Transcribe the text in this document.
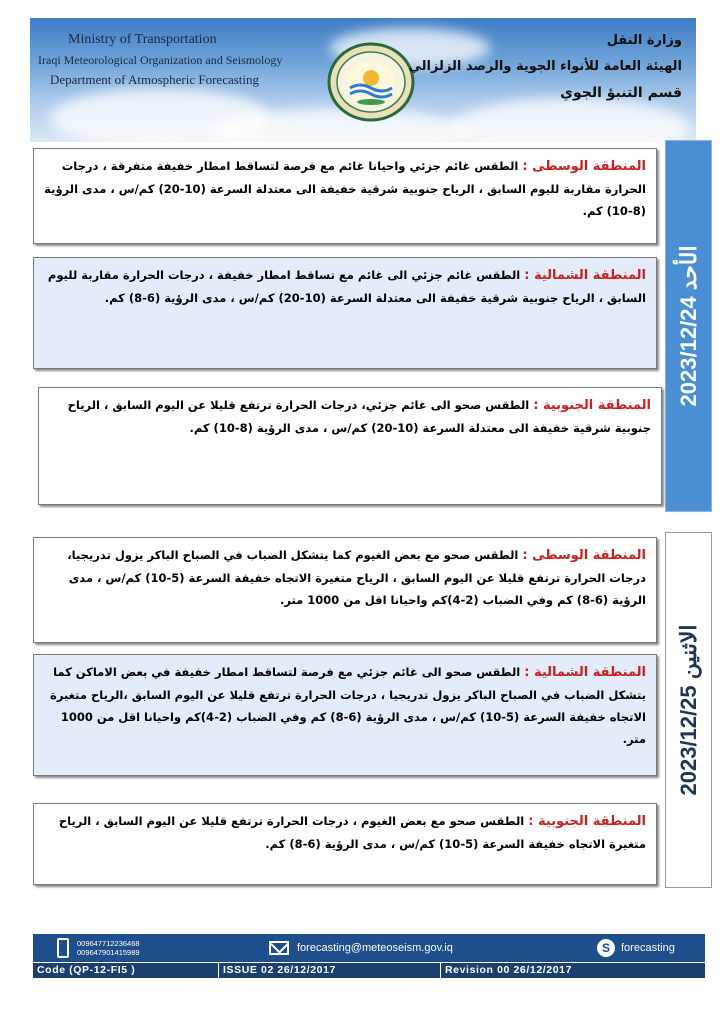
Ministry of Transportation
Iraqi Meteorological Organization and Seismology
Department of Atmospheric Forecasting
وزارة النقل
الهيئة العامة للأنواء الجوية والرصد الزلزالي
قسم التنبؤ الجوي
الأحد 2023/12/24
المنطقة الوسطى : الطقس غائم جزئي واحيانا غائم مع فرصة لتساقط امطار خفيفة متفرقة ، درجات الحرارة مقاربة لليوم السابق ، الرياح جنوبية شرقية خفيفة الى معتدلة السرعة (10-20) كم/س ، مدى الرؤية (8-10) كم.
المنطقة الشمالية : الطقس غائم جزئي الى غائم مع تساقط امطار خفيفة ، درجات الحرارة مقاربة لليوم السابق ، الرياح جنوبية شرقية خفيفة الى معتدلة السرعة (10-20) كم/س ، مدى الرؤية (6-8) كم.
المنطقة الجنوبية : الطقس صحو الى غائم جزئي، درجات الحرارة ترتفع قليلا عن اليوم السابق ، الرياح جنوبية شرقية خفيفة الى معتدلة السرعة (10-20) كم/س ، مدى الرؤية (8-10) كم.
الاثنين 2023/12/25
المنطقة الوسطى : الطقس صحو مع بعض الغيوم كما يتشكل الضباب في الصباح الباكر يزول تدريجيا، درجات الحرارة ترتفع قليلا عن اليوم السابق ، الرياح متغيرة الاتجاه خفيفة السرعة (5-10) كم/س ، مدى الرؤية (6-8) كم وفي الضباب (2-4)كم واحيانا اقل من 1000 متر.
المنطقة الشمالية : الطقس صحو الى غائم جزئي مع فرصة لتساقط امطار خفيفة في بعض الاماكن كما يتشكل الضباب في الصباح الباكر يزول تدريجيا ، درجات الحرارة ترتفع قليلا عن اليوم السابق ،الرياح متغيرة الاتجاه خفيفة السرعة (5-10) كم/س ، مدى الرؤية (6-8) كم وفي الضباب (2-4)كم واحيانا اقل من 1000 متر.
المنطقة الجنوبية : الطقس صحو مع بعض الغيوم ، درجات الحرارة ترتفع قليلا عن اليوم السابق ، الرياح متغيرة الاتجاه خفيفة السرعة (5-10) كم/س ، مدى الرؤية (6-8) كم.
009647712236468
009647901415989	forecasting@meteoseism.gov.iq	S	forecasting
Code (QP-12-FI5 )	ISSUE 02 26/12/2017	Revision 00 26/12/2017
